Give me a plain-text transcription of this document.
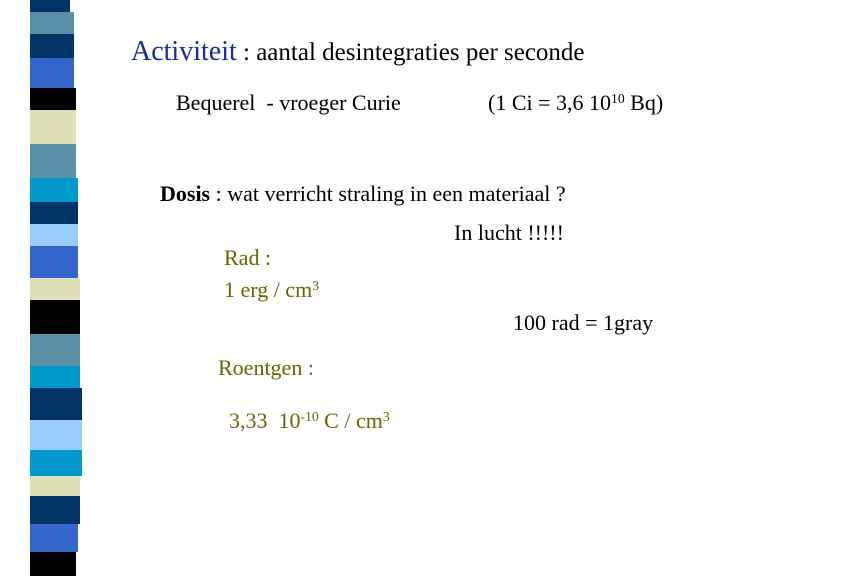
Activiteit : aantal desintegraties per seconde
Bequerel  - vroeger Curie	(1 Ci = 3,6 $10^{10}$ Bq)
Dosis : wat verricht straling in een materiaal ?
In lucht !!!!!
Rad :
1 erg / $cm^3$
100 rad = 1gray
Roentgen :

3,33  $10^{-10}$ C / $cm^3$
